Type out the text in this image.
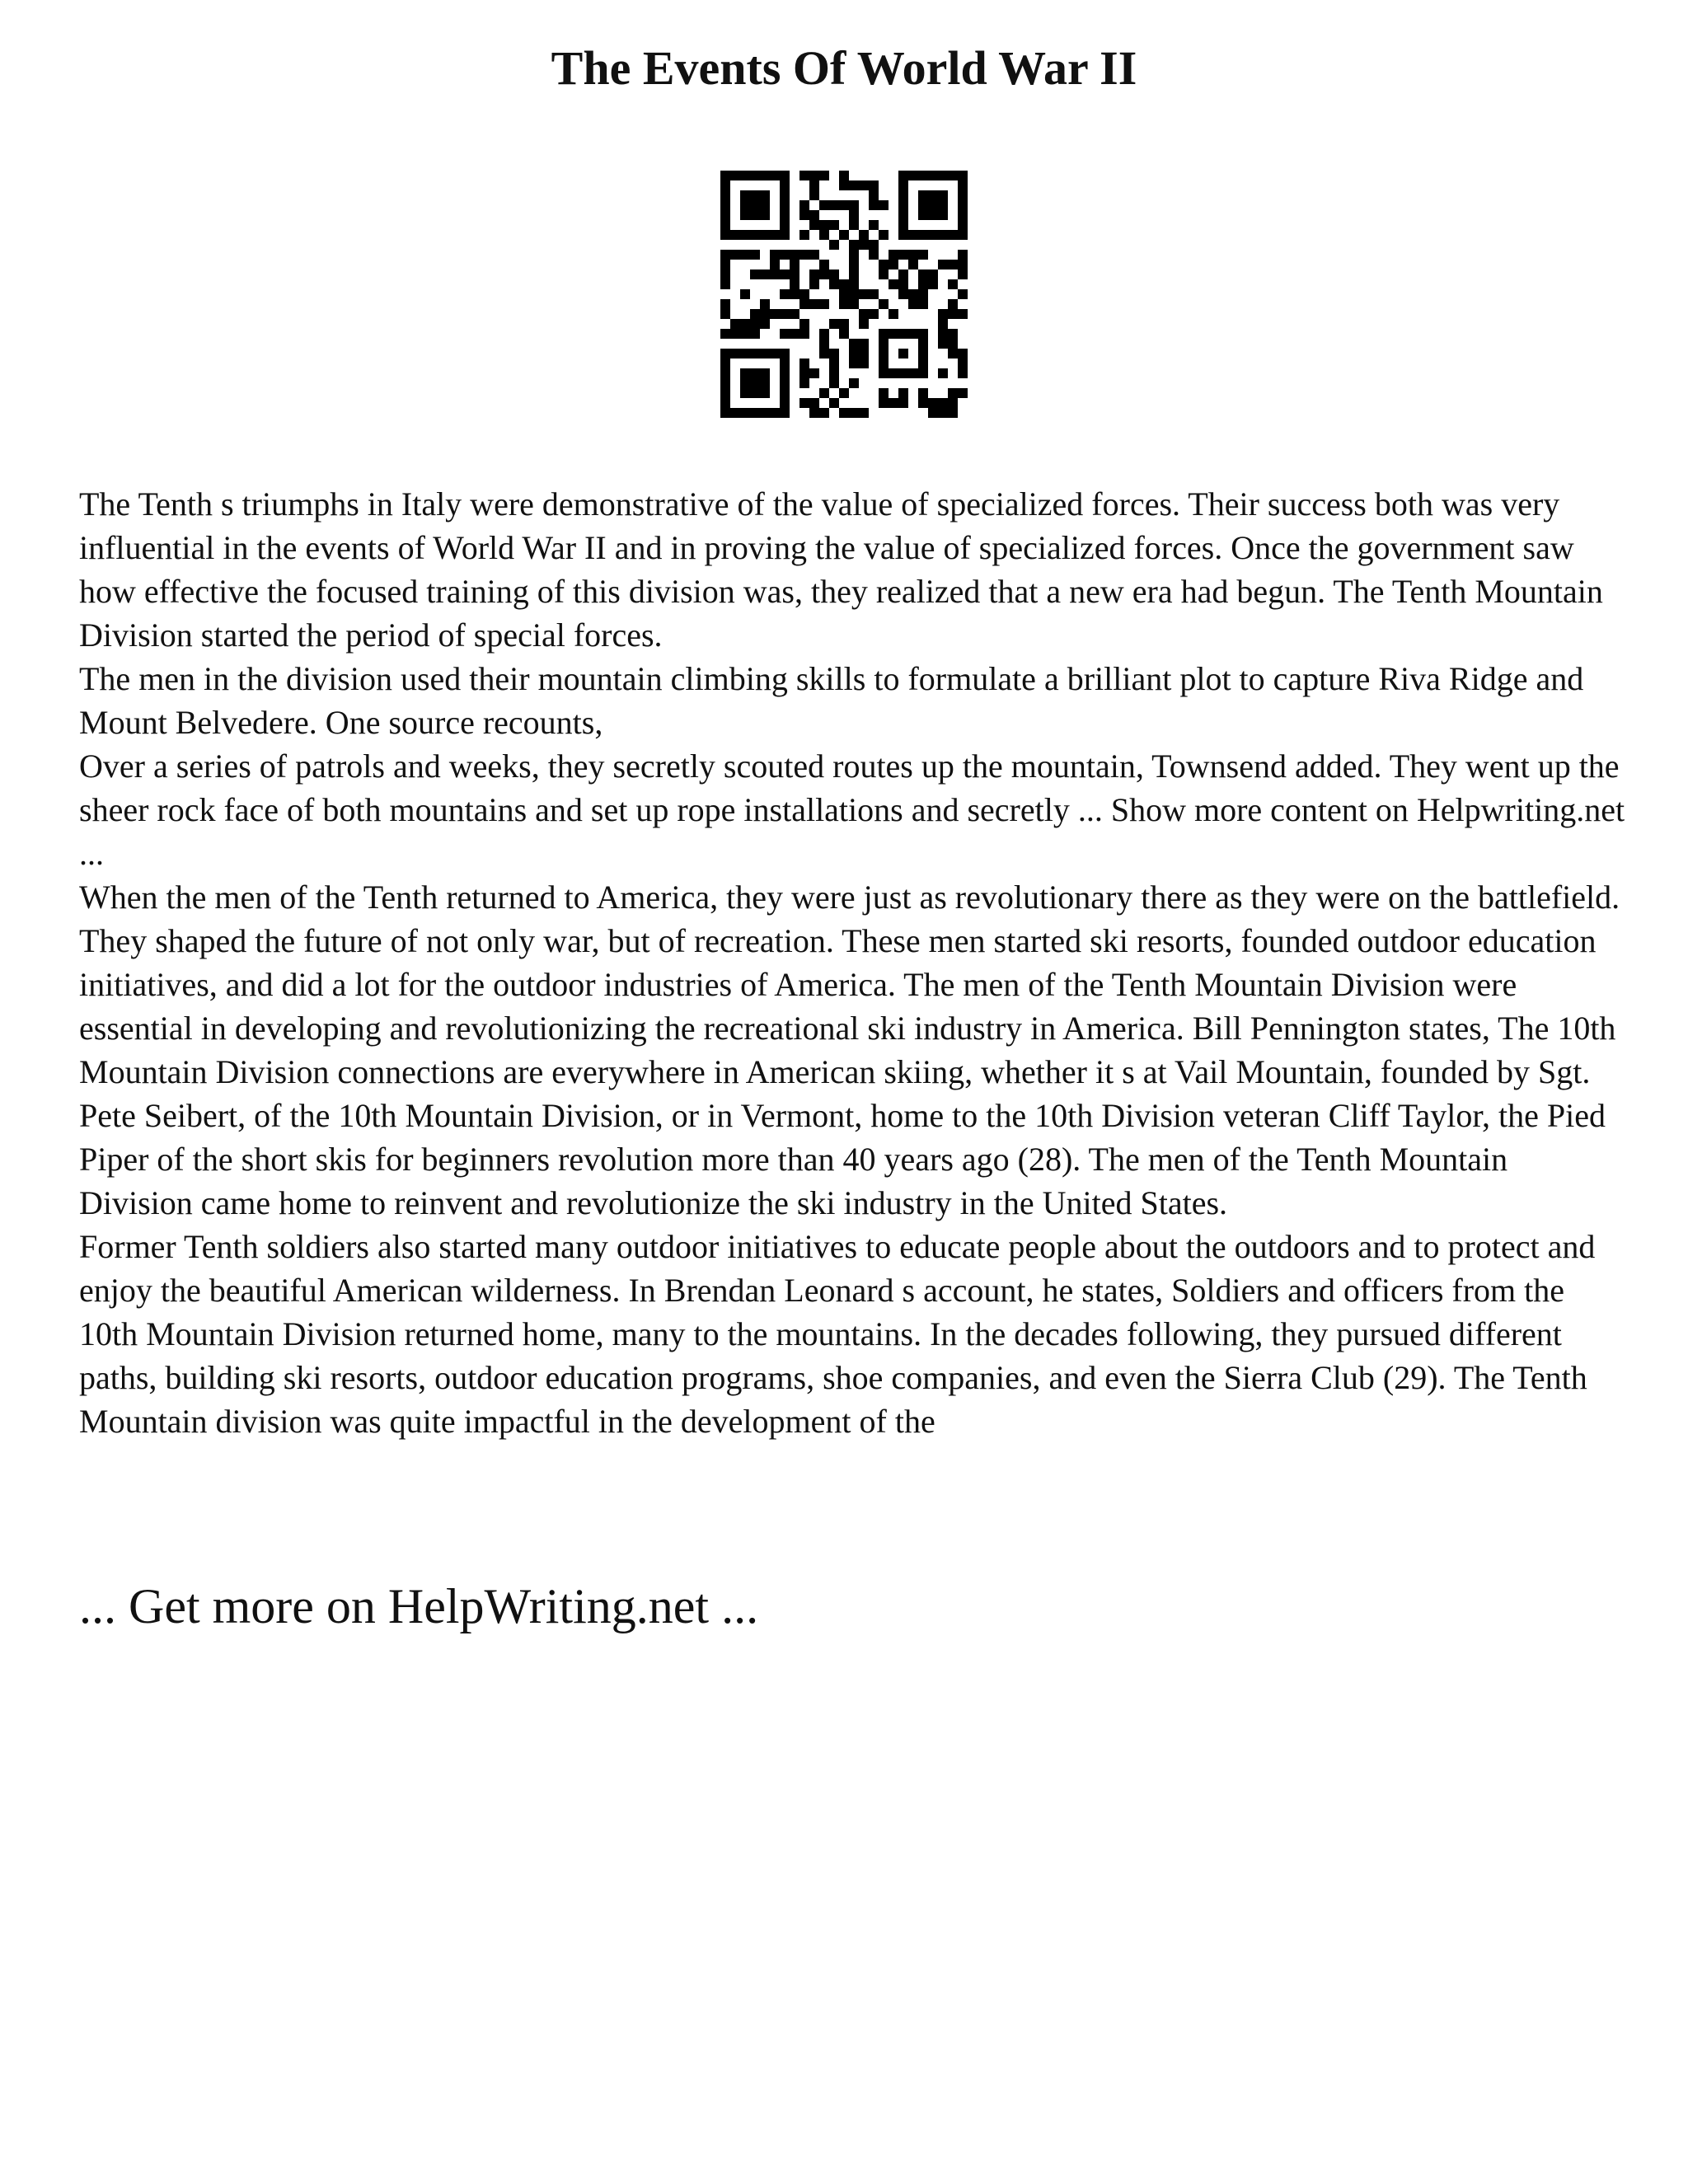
The Events Of World War II

The Tenth s triumphs in Italy were demonstrative of the value of specialized forces. Their success both was very influential in the events of World War II and in proving the value of specialized forces. Once the government saw how effective the focused training of this division was, they realized that a new era had begun. The Tenth Mountain Division started the period of special forces.

The men in the division used their mountain climbing skills to formulate a brilliant plot to capture Riva Ridge and Mount Belvedere. One source recounts,

Over a series of patrols and weeks, they secretly scouted routes up the mountain, Townsend added. They went up the sheer rock face of both mountains and set up rope installations and secretly ... Show more content on Helpwriting.net ...

When the men of the Tenth returned to America, they were just as revolutionary there as they were on the battlefield. They shaped the future of not only war, but of recreation. These men started ski resorts, founded outdoor education initiatives, and did a lot for the outdoor industries of America. The men of the Tenth Mountain Division were essential in developing and revolutionizing the recreational ski industry in America. Bill Pennington states, The 10th Mountain Division connections are everywhere in American skiing, whether it s at Vail Mountain, founded by Sgt. Pete Seibert, of the 10th Mountain Division, or in Vermont, home to the 10th Division veteran Cliff Taylor, the Pied Piper of the short skis for beginners revolution more than 40 years ago (28). The men of the Tenth Mountain Division came home to reinvent and revolutionize the ski industry in the United States.

Former Tenth soldiers also started many outdoor initiatives to educate people about the outdoors and to protect and enjoy the beautiful American wilderness. In Brendan Leonard s account, he states, Soldiers and officers from the 10th Mountain Division returned home, many to the mountains. In the decades following, they pursued different paths, building ski resorts, outdoor education programs, shoe companies, and even the Sierra Club (29). The Tenth Mountain division was quite impactful in the development of the

... Get more on HelpWriting.net ...
